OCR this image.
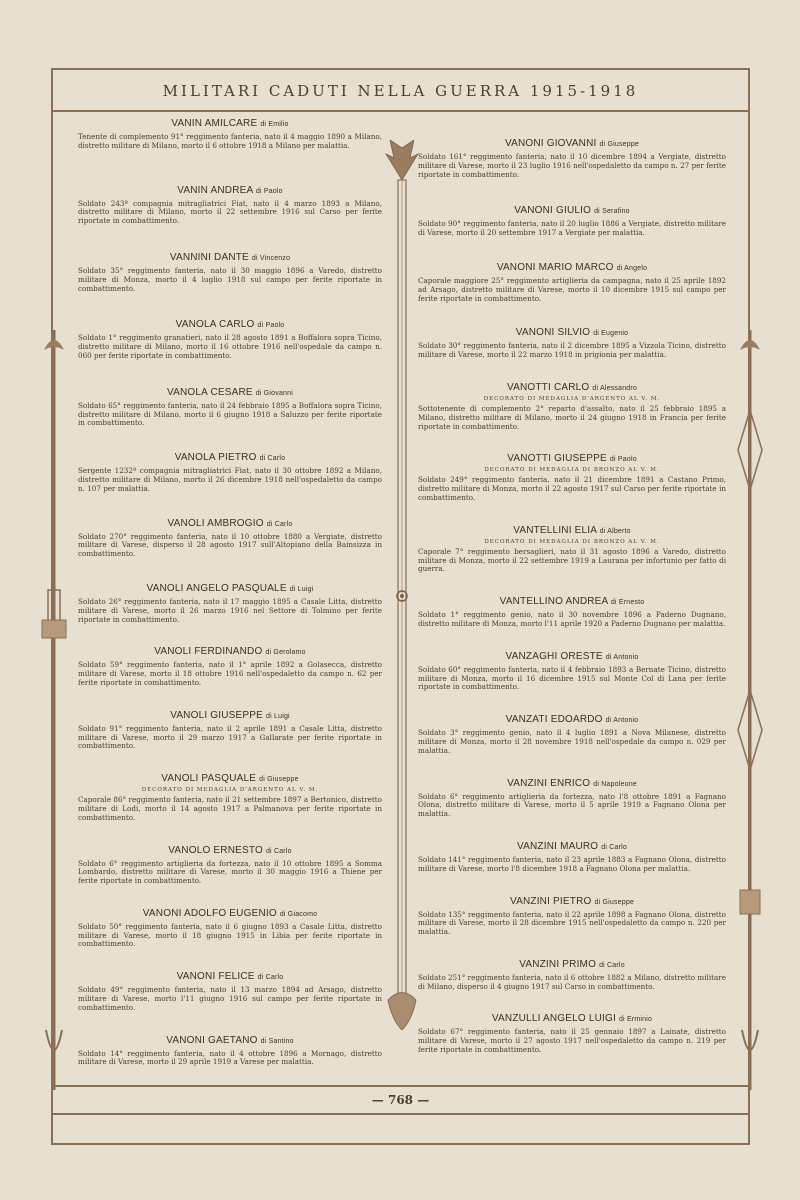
MILITARI CADUTI NELLA GUERRA 1915-1918
VANIN AMILCARE di Emilio
Tenente di complemento 91° reggimento fanteria, nato il 4 maggio 1890 a Milano, distretto militare di Milano, morto il 6 ottobre 1918 a Milano per malattia.
VANIN ANDREA di Paolo
Soldato 243ª compagnia mitragliatrici Fiat, nato il 4 marzo 1893 a Milano, distretto militare di Milano, morto il 22 settembre 1916 sul Carso per ferite riportate in combattimento.
VANNINI DANTE di Vincenzo
Soldato 35° reggimento fanteria, nato il 30 maggio 1896 a Varedo, distretto militare di Monza, morto il 4 luglio 1918 sul campo per ferite riportate in combattimento.
VANOLA CARLO di Paolo
Soldato 1° reggimento granatieri, nato il 28 agosto 1891 a Boffalora sopra Ticino, distretto militare di Milano, morto il 16 ottobre 1916 nell'ospedale da campo n. 060 per ferite riportate in combattimento.
VANOLA CESARE di Giovanni
Soldato 65° reggimento fanteria, nato il 24 febbraio 1895 a Boffalora sopra Ticino, distretto militare di Milano, morto il 6 giugno 1918 a Saluzzo per ferite riportate in combattimento.
VANOLA PIETRO di Carlo
Sergente 1232ª compagnia mitragliatrici Fiat, nato il 30 ottobre 1892 a Milano, distretto militare di Milano, morto il 26 dicembre 1918 nell'ospedaletto da campo n. 107 per malattia.
VANOLI AMBROGIO di Carlo
Soldato 270° reggimento fanteria, nato il 10 ottobre 1880 a Vergiate, distretto militare di Varese, disperso il 28 agosto 1917 sull'Altopiano della Bainsizza in combattimento.
VANOLI ANGELO PASQUALE di Luigi
Soldato 26° reggimento fanteria, nato il 17 maggio 1895 a Casale Litta, distretto militare di Varese, morto il 26 marzo 1916 nel Settore di Tolmino per ferite riportate in combattimento.
VANOLI FERDINANDO di Gerolamo
Soldato 59° reggimento fanteria, nato il 1° aprile 1892 a Golasecca, distretto militare di Varese, morto il 18 ottobre 1916 nell'ospedaletto da campo n. 62 per ferite riportate in combattimento.
VANOLI GIUSEPPE di Luigi
Soldato 91° reggimento fanteria, nato il 2 aprile 1891 a Casale Litta, distretto militare di Varese, morto il 29 marzo 1917 a Gallarate per ferite riportate in combattimento.
VANOLI PASQUALE di Giuseppe
DECORATO DI MEDAGLIA D'ARGENTO AL V. M.
Caporale 86° reggimento fanteria, nato il 21 settembre 1897 a Bertonico, distretto militare di Lodi, morto il 14 agosto 1917 a Palmanova per ferite riportate in combattimento.
VANOLO ERNESTO di Carlo
Soldato 6° reggimento artiglieria da fortezza, nato il 10 ottobre 1895 a Somma Lombardo, distretto militare di Varese, morto il 30 maggio 1916 a Thiene per ferite riportate in combattimento.
VANONI ADOLFO EUGENIO di Giacomo
Soldato 50° reggimento fanteria, nato il 6 giugno 1893 a Casale Litta, distretto militare di Varese, morto il 18 giugno 1915 in Libia per ferite riportate in combattimento.
VANONI FELICE di Carlo
Soldato 49° reggimento fanteria, nato il 13 marzo 1894 ad Arsago, distretto militare di Varese, morto l'11 giugno 1916 sul campo per ferite riportate in combattimento.
VANONI GAETANO di Santino
Soldato 14° reggimento fanteria, nato il 4 ottobre 1896 a Mornago, distretto militare di Varese, morto il 29 aprile 1919 a Varese per malattia.
VANONI GIOVANNI di Giuseppe
Soldato 161° reggimento fanteria, nato il 10 dicembre 1894 a Vergiate, distretto militare di Varese, morto il 23 luglio 1916 nell'ospedaletto da campo n. 27 per ferite riportate in combattimento.
VANONI GIULIO di Serafino
Soldato 90° reggimento fanteria, nato il 20 luglio 1886 a Vergiate, distretto militare di Varese, morto il 20 settembre 1917 a Vergiate per malattia.
VANONI MARIO MARCO di Angelo
Caporale maggiore 25° reggimento artiglieria da campagna, nato il 25 aprile 1892 ad Arsago, distretto militare di Varese, morto il 10 dicembre 1915 sul campo per ferite riportate in combattimento.
VANONI SILVIO di Eugenio
Soldato 30° reggimento fanteria, nato il 2 dicembre 1895 a Vizzola Ticino, distretto militare di Varese, morto il 22 marzo 1918 in prigionia per malattia.
VANOTTI CARLO di Alessandro
DECORATO DI MEDAGLIA D'ARGENTO AL V. M.
Sottotenente di complemento 2° reparto d'assalto, nato il 25 febbraio 1895 a Milano, distretto militare di Milano, morto il 24 giugno 1918 in Francia per ferite riportate in combattimento.
VANOTTI GIUSEPPE di Paolo
DECORATO DI MEDAGLIA DI BRONZO AL V. M.
Soldato 249° reggimento fanteria, nato il 21 dicembre 1891 a Castano Primo, distretto militare di Monza, morto il 22 agosto 1917 sul Carso per ferite riportate in combattimento.
VANTELLINI ELIA di Alberto
DECORATO DI MEDAGLIA DI BRONZO AL V. M.
Caporale 7° reggimento bersaglieri, nato il 31 agosto 1896 a Varedo, distretto militare di Monza, morto il 22 settembre 1919 a Laurana per infortunio per fatto di guerra.
VANTELLINO ANDREA di Ernesto
Soldato 1° reggimento genio, nato il 30 novembre 1896 a Paderno Dugnano, distretto militare di Monza, morto l'11 aprile 1920 a Paderno Dugnano per malattia.
VANZAGHI ORESTE di Antonio
Soldato 60° reggimento fanteria, nato il 4 febbraio 1893 a Bernate Ticino, distretto militare di Monza, morto il 16 dicembre 1915 sul Monte Col di Lana per ferite riportate in combattimento.
VANZATI EDOARDO di Antonio
Soldato 3° reggimento genio, nato il 4 luglio 1891 a Nova Milanese, distretto militare di Monza, morto il 28 novembre 1918 nell'ospedale da campo n. 029 per malattia.
VANZINI ENRICO di Napoleone
Soldato 6° reggimento artiglieria da fortezza, nato l'8 ottobre 1891 a Fagnano Olona, distretto militare di Varese, morto il 5 aprile 1919 a Fagnano Olona per malattia.
VANZINI MAURO di Carlo
Soldato 141° reggimento fanteria, nato il 23 aprile 1883 a Fagnano Olona, distretto militare di Varese, morto l'8 dicembre 1918 a Fagnano Olona per malattia.
VANZINI PIETRO di Giuseppe
Soldato 135° reggimento fanteria, nato il 22 aprile 1898 a Fagnano Olona, distretto militare di Varese, morto il 28 dicembre 1915 nell'ospedaletto da campo n. 220 per malattia.
VANZINI PRIMO di Carlo
Soldato 251° reggimento fanteria, nato il 6 ottobre 1882 a Milano, distretto militare di Milano, disperso il 4 giugno 1917 sul Carso in combattimento.
VANZULLI ANGELO LUIGI di Erminio
Soldato 67° reggimento fanteria, nato il 25 gennaio 1897 a Lainate, distretto militare di Varese, morto il 27 agosto 1917 nell'ospedaletto da campo n. 219 per ferite riportate in combattimento.
— 768 —
